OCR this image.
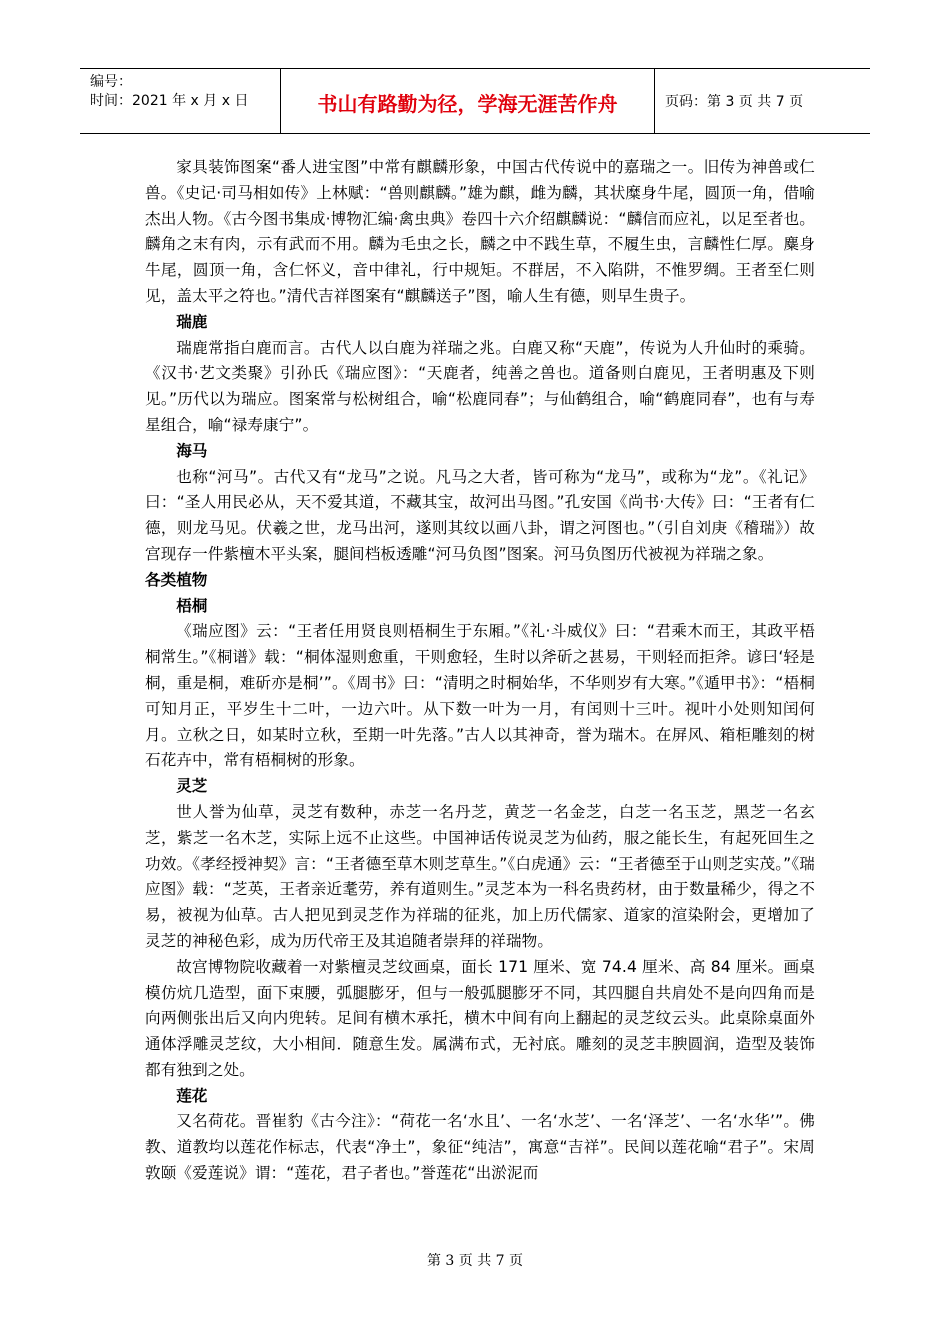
编号：
时间：2021 年 x 月 x 日	书山有路勤为径，学海无涯苦作舟	页码：第 3 页 共 7 页

家具装饰图案“番人进宝图”中常有麒麟形象，中国古代传说中的嘉瑞之一。旧传为神兽或仁兽。《史记·司马相如传》上林赋：“兽则麒麟。”雄为麒，雌为麟，其状糜身牛尾，圆顶一角，借喻杰出人物。《古今图书集成·博物汇编·禽虫典》卷四十六介绍麒麟说：“麟信而应礼，以足至者也。麟角之末有肉，示有武而不用。麟为毛虫之长，麟之中不践生草，不履生虫，言麟性仁厚。麋身牛尾，圆顶一角，含仁怀义，音中律礼，行中规矩。不群居，不入陷阱，不惟罗绸。王者至仁则见，盖太平之符也。”清代吉祥图案有“麒麟送子”图，喻人生有德，则早生贵子。

瑞鹿

瑞鹿常指白鹿而言。古代人以白鹿为祥瑞之兆。白鹿又称“天鹿”，传说为人升仙时的乘骑。《汉书·艺文类聚》引孙氏《瑞应图》：“天鹿者，纯善之兽也。道备则白鹿见，王者明惠及下则见。”历代以为瑞应。图案常与松树组合，喻“松鹿同春”；与仙鹤组合，喻“鹤鹿同春”，也有与寿星组合，喻“禄寿康宁”。

海马

也称“河马”。古代又有“龙马”之说。凡马之大者，皆可称为“龙马”，或称为“龙”。《礼记》曰：“圣人用民必从，天不爱其道，不藏其宝，故河出马图。”孔安国《尚书·大传》曰：“王者有仁德，则龙马见。伏羲之世，龙马出河，遂则其纹以画八卦，谓之河图也。”（引自刘庚《稽瑞》）故宫现存一件紫檀木平头案，腿间档板透雕“河马负图”图案。河马负图历代被视为祥瑞之象。

各类植物

梧桐

《瑞应图》云：“王者任用贤良则梧桐生于东厢。”《礼·斗威仪》曰：“君乘木而王，其政平梧桐常生。”《桐谱》载：“桐体湿则愈重，干则愈轻，生时以斧斫之甚易，干则轻而拒斧。谚曰‘轻是桐，重是桐，难斫亦是桐’”。《周书》曰：“清明之时桐始华，不华则岁有大寒。”《遁甲书》：“梧桐可知月正，平岁生十二叶，一边六叶。从下数一叶为一月，有闰则十三叶。视叶小处则知闰何月。立秋之日，如某时立秋，至期一叶先落。”古人以其神奇，誉为瑞木。在屏风、箱柜雕刻的树石花卉中，常有梧桐树的形象。

灵芝

世人誉为仙草，灵芝有数种，赤芝一名丹芝，黄芝一名金芝，白芝一名玉芝，黑芝一名玄芝，紫芝一名木芝，实际上远不止这些。中国神话传说灵芝为仙药，服之能长生，有起死回生之功效。《孝经授神契》言：“王者德至草木则芝草生。”《白虎通》云：“王者德至于山则芝实茂。”《瑞应图》载：“芝英，王者亲近耄劳，养有道则生。”灵芝本为一科名贵药材，由于数量稀少，得之不易，被视为仙草。古人把见到灵芝作为祥瑞的征兆，加上历代儒家、道家的渲染附会，更增加了灵芝的神秘色彩，成为历代帝王及其追随者崇拜的祥瑞物。

故宫博物院收藏着一对紫檀灵芝纹画桌，面长 171 厘米、宽 74.4 厘米、高 84 厘米。画桌模仿炕几造型，面下束腰，弧腿膨牙，但与一般弧腿膨牙不同，其四腿自共肩处不是向四角而是向两侧张出后又向内兜转。足间有横木承托，横木中间有向上翻起的灵芝纹云头。此桌除桌面外通体浮雕灵芝纹，大小相间．随意生发。属满布式，无衬底。雕刻的灵芝丰腴圆润，造型及装饰都有独到之处。

莲花

又名荷花。晋崔豹《古今注》：“荷花一名‘水且’、一名‘水芝’、一名‘泽芝’、一名‘水华’”。佛教、道教均以莲花作标志，代表“净土”，象征“纯洁”，寓意“吉祥”。民间以莲花喻“君子”。宋周敦颐《爱莲说》谓：“莲花，君子者也。”誉莲花“出淤泥而

第 3 页 共 7 页
